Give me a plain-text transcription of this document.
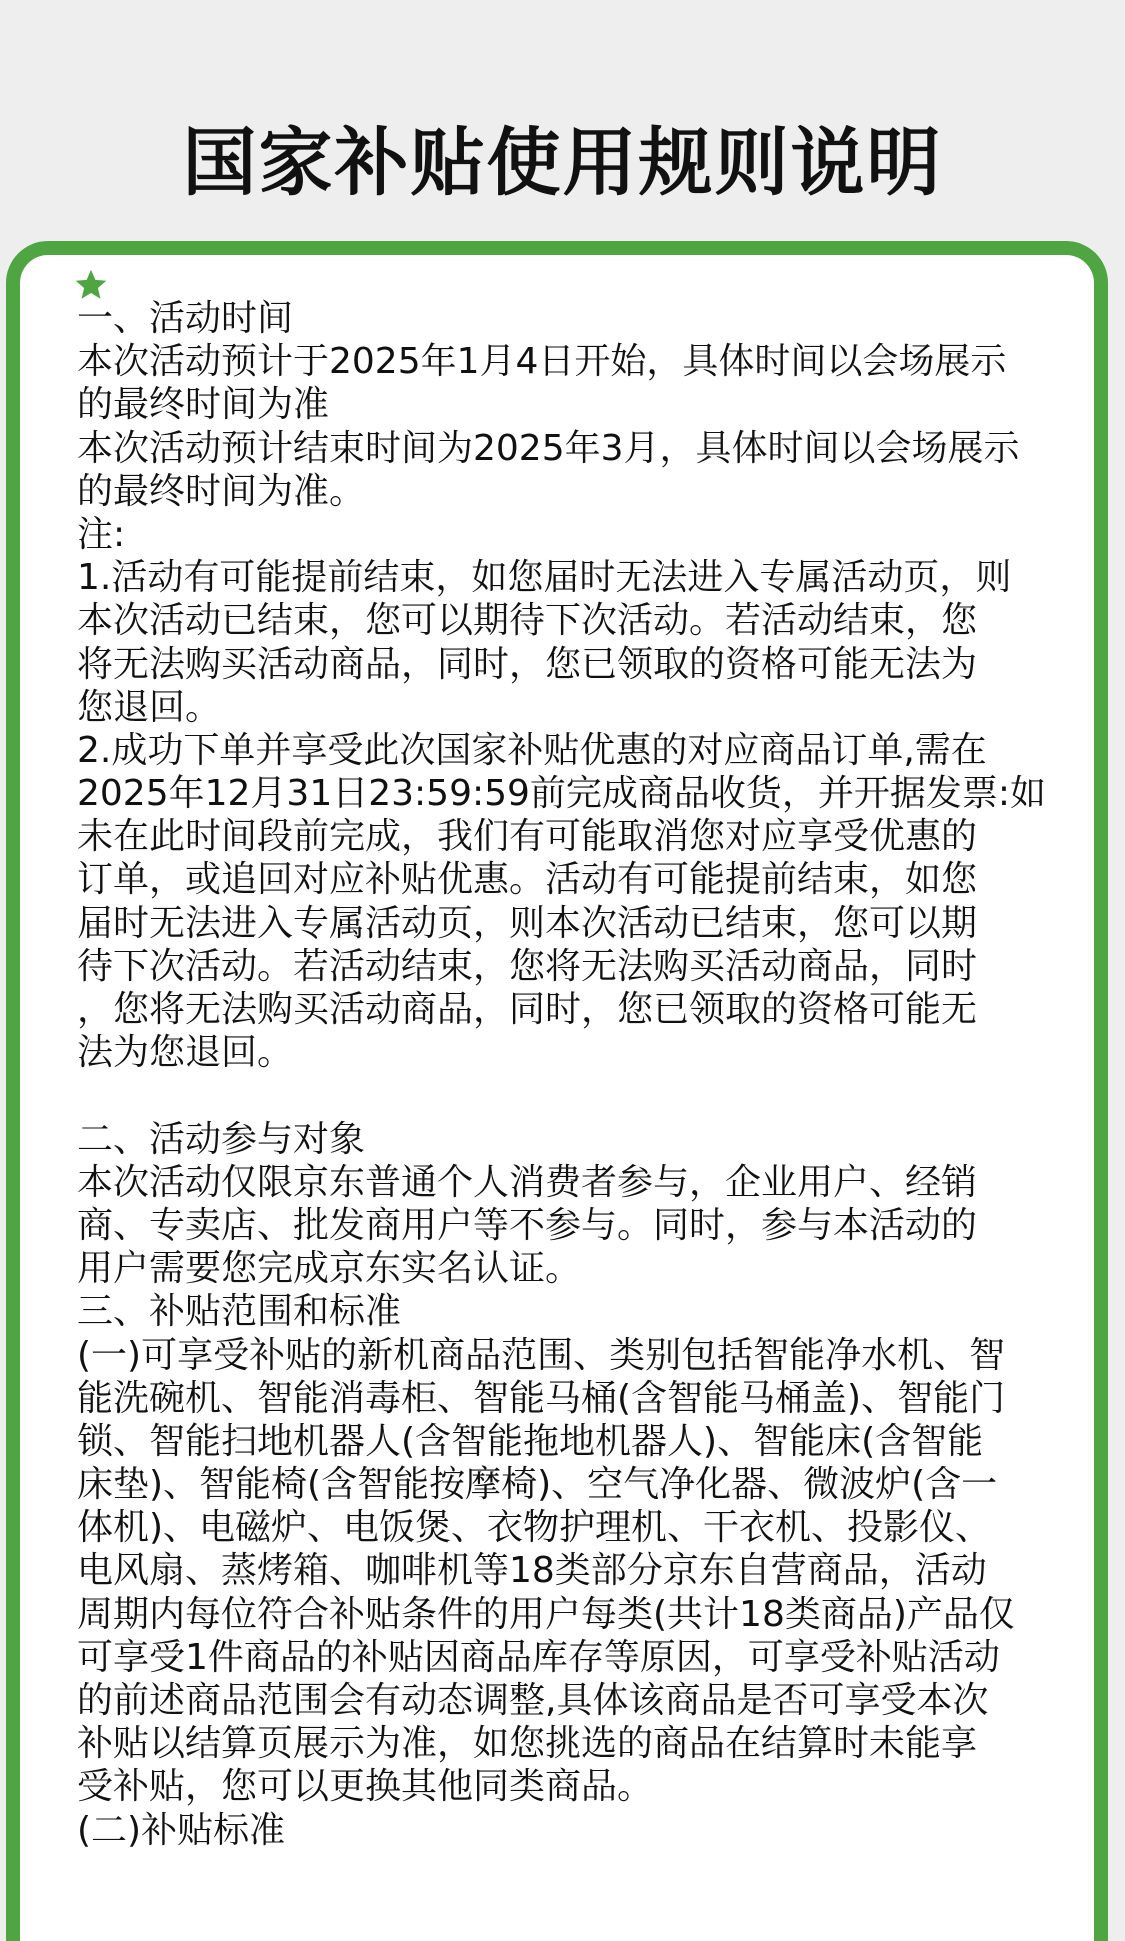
国家补贴使用规则说明
一、活动时间
本次活动预计于2025年1月4日开始，具体时间以会场展示
的最终时间为准
本次活动预计结束时间为2025年3月，具体时间以会场展示
的最终时间为准。
注:
1.活动有可能提前结束，如您届时无法进入专属活动页，则
本次活动已结束，您可以期待下次活动。若活动结束，您
将无法购买活动商品，同时，您已领取的资格可能无法为
您退回。
2.成功下单并享受此次国家补贴优惠的对应商品订单,需在
2025年12月31日23:59:59前完成商品收货，并开据发票:如
未在此时间段前完成，我们有可能取消您对应享受优惠的
订单，或追回对应补贴优惠。活动有可能提前结束，如您
届时无法进入专属活动页，则本次活动已结束，您可以期
待下次活动。若活动结束，您将无法购买活动商品，同时
，您将无法购买活动商品，同时，您已领取的资格可能无
法为您退回。
二、活动参与对象
本次活动仅限京东普通个人消费者参与，企业用户、经销
商、专卖店、批发商用户等不参与。同时，参与本活动的
用户需要您完成京东实名认证。
三、补贴范围和标准
(一)可享受补贴的新机商品范围、类别包括智能净水机、智
能洗碗机、智能消毒柜、智能马桶(含智能马桶盖)、智能门
锁、智能扫地机器人(含智能拖地机器人)、智能床(含智能
床垫)、智能椅(含智能按摩椅)、空气净化器、微波炉(含一
体机)、电磁炉、电饭煲、衣物护理机、干衣机、投影仪、
电风扇、蒸烤箱、咖啡机等18类部分京东自营商品，活动
周期内每位符合补贴条件的用户每类(共计18类商品)产品仅
可享受1件商品的补贴因商品库存等原因，可享受补贴活动
的前述商品范围会有动态调整,具体该商品是否可享受本次
补贴以结算页展示为准，如您挑选的商品在结算时未能享
受补贴，您可以更换其他同类商品。
(二)补贴标准
